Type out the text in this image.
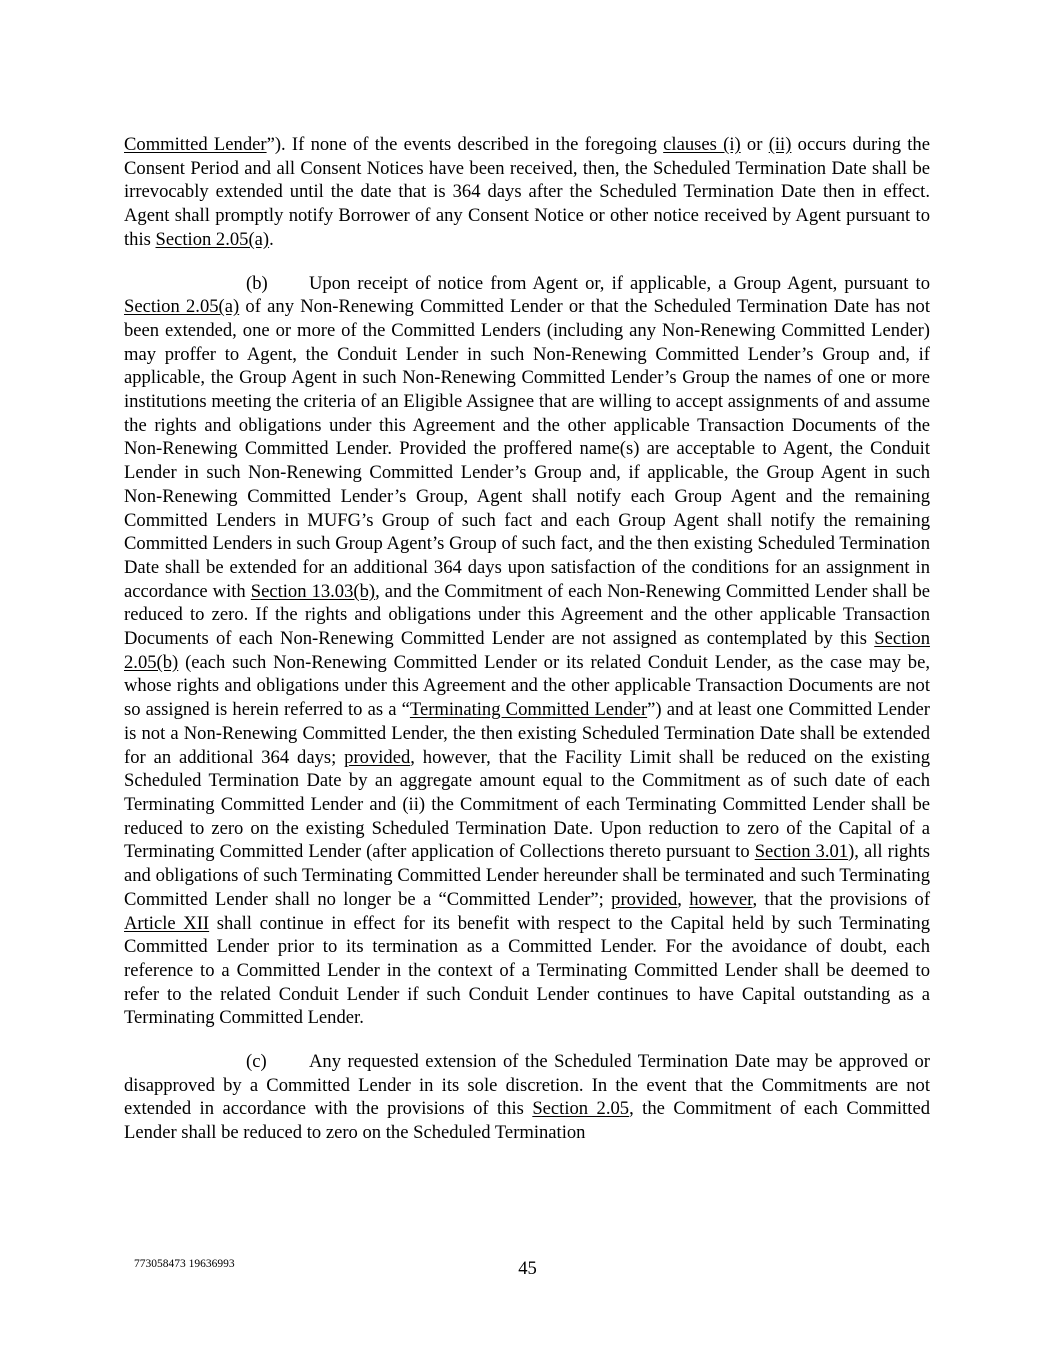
Committed Lender”). If none of the events described in the foregoing clauses (i) or (ii) occurs during the Consent Period and all Consent Notices have been received, then, the Scheduled Termination Date shall be irrevocably extended until the date that is 364 days after the Scheduled Termination Date then in effect. Agent shall promptly notify Borrower of any Consent Notice or other notice received by Agent pursuant to this Section 2.05(a).

(b) Upon receipt of notice from Agent or, if applicable, a Group Agent, pursuant to Section 2.05(a) of any Non-Renewing Committed Lender or that the Scheduled Termination Date has not been extended, one or more of the Committed Lenders (including any Non-Renewing Committed Lender) may proffer to Agent, the Conduit Lender in such Non-Renewing Committed Lender’s Group and, if applicable, the Group Agent in such Non-Renewing Committed Lender’s Group the names of one or more institutions meeting the criteria of an Eligible Assignee that are willing to accept assignments of and assume the rights and obligations under this Agreement and the other applicable Transaction Documents of the Non-Renewing Committed Lender. Provided the proffered name(s) are acceptable to Agent, the Conduit Lender in such Non-Renewing Committed Lender’s Group and, if applicable, the Group Agent in such Non-Renewing Committed Lender’s Group, Agent shall notify each Group Agent and the remaining Committed Lenders in MUFG’s Group of such fact and each Group Agent shall notify the remaining Committed Lenders in such Group Agent’s Group of such fact, and the then existing Scheduled Termination Date shall be extended for an additional 364 days upon satisfaction of the conditions for an assignment in accordance with Section 13.03(b), and the Commitment of each Non-Renewing Committed Lender shall be reduced to zero. If the rights and obligations under this Agreement and the other applicable Transaction Documents of each Non-Renewing Committed Lender are not assigned as contemplated by this Section 2.05(b) (each such Non-Renewing Committed Lender or its related Conduit Lender, as the case may be, whose rights and obligations under this Agreement and the other applicable Transaction Documents are not so assigned is herein referred to as a “Terminating Committed Lender”) and at least one Committed Lender is not a Non-Renewing Committed Lender, the then existing Scheduled Termination Date shall be extended for an additional 364 days; provided, however, that the Facility Limit shall be reduced on the existing Scheduled Termination Date by an aggregate amount equal to the Commitment as of such date of each Terminating Committed Lender and (ii) the Commitment of each Terminating Committed Lender shall be reduced to zero on the existing Scheduled Termination Date. Upon reduction to zero of the Capital of a Terminating Committed Lender (after application of Collections thereto pursuant to Section 3.01), all rights and obligations of such Terminating Committed Lender hereunder shall be terminated and such Terminating Committed Lender shall no longer be a “Committed Lender”; provided, however, that the provisions of Article XII shall continue in effect for its benefit with respect to the Capital held by such Terminating Committed Lender prior to its termination as a Committed Lender. For the avoidance of doubt, each reference to a Committed Lender in the context of a Terminating Committed Lender shall be deemed to refer to the related Conduit Lender if such Conduit Lender continues to have Capital outstanding as a Terminating Committed Lender.

(c) Any requested extension of the Scheduled Termination Date may be approved or disapproved by a Committed Lender in its sole discretion. In the event that the Commitments are not extended in accordance with the provisions of this Section 2.05, the Commitment of each Committed Lender shall be reduced to zero on the Scheduled Termination

773058473 19636993	45
